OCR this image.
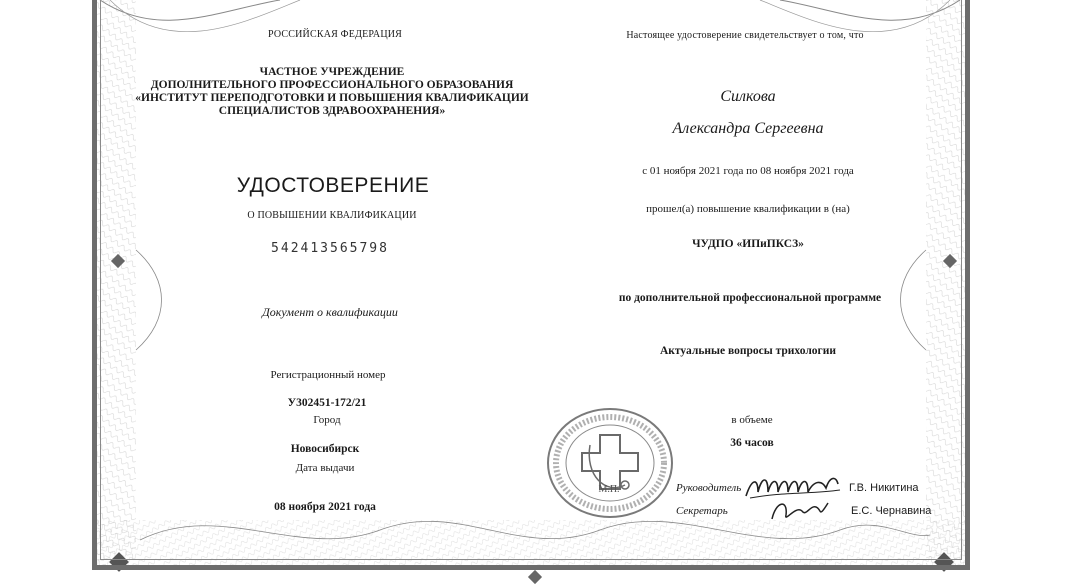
РОССИЙСКАЯ ФЕДЕРАЦИЯ
ЧАСТНОЕ УЧРЕЖДЕНИЕ
ДОПОЛНИТЕЛЬНОГО ПРОФЕССИОНАЛЬНОГО ОБРАЗОВАНИЯ
«ИНСТИТУТ ПЕРЕПОДГОТОВКИ И ПОВЫШЕНИЯ КВАЛИФИКАЦИИ
СПЕЦИАЛИСТОВ ЗДРАВООХРАНЕНИЯ»
УДОСТОВЕРЕНИЕ
О ПОВЫШЕНИИ КВАЛИФИКАЦИИ
542413565798
Документ о квалификации
Регистрационный номер
У302451-172/21
Город
Новосибирск
Дата выдачи
08 ноября 2021 года
Настоящее удостоверение свидетельствует о том, что
Силкова
Александра Сергеевна
с 01 ноября 2021 года по 08 ноября 2021 года
прошел(а) повышение квалификации в (на)
ЧУДПО «ИПиПКСЗ»
по дополнительной профессиональной программе
Актуальные вопросы трихологии
в объеме
36 часов
М.П.	Руководитель	Г.В. Никитина
Секретарь	Е.С. Чернавина
